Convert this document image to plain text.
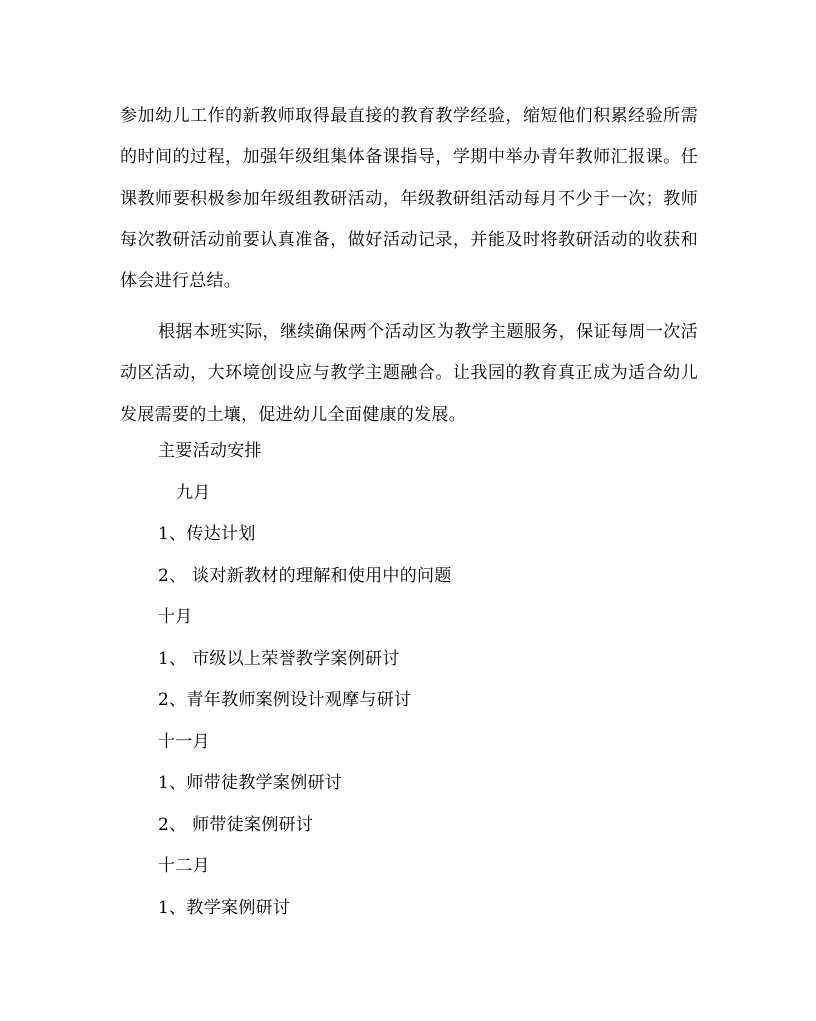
参加幼儿工作的新教师取得最直接的教育教学经验，缩短他们积累经验所需的时间的过程，加强年级组集体备课指导，学期中举办青年教师汇报课。任课教师要积极参加年级组教研活动，年级教研组活动每月不少于一次；教师每次教研活动前要认真准备，做好活动记录，并能及时将教研活动的收获和体会进行总结。

根据本班实际，继续确保两个活动区为教学主题服务，保证每周一次活动区活动，大环境创设应与教学主题融合。让我园的教育真正成为适合幼儿发展需要的土壤，促进幼儿全面健康的发展。

主要活动安排

九月

1、传达计划

2、 谈对新教材的理解和使用中的问题

十月

1、 市级以上荣誉教学案例研讨

2、青年教师案例设计观摩与研讨

十一月

1、师带徒教学案例研讨

2、 师带徒案例研讨

十二月

1、教学案例研讨
